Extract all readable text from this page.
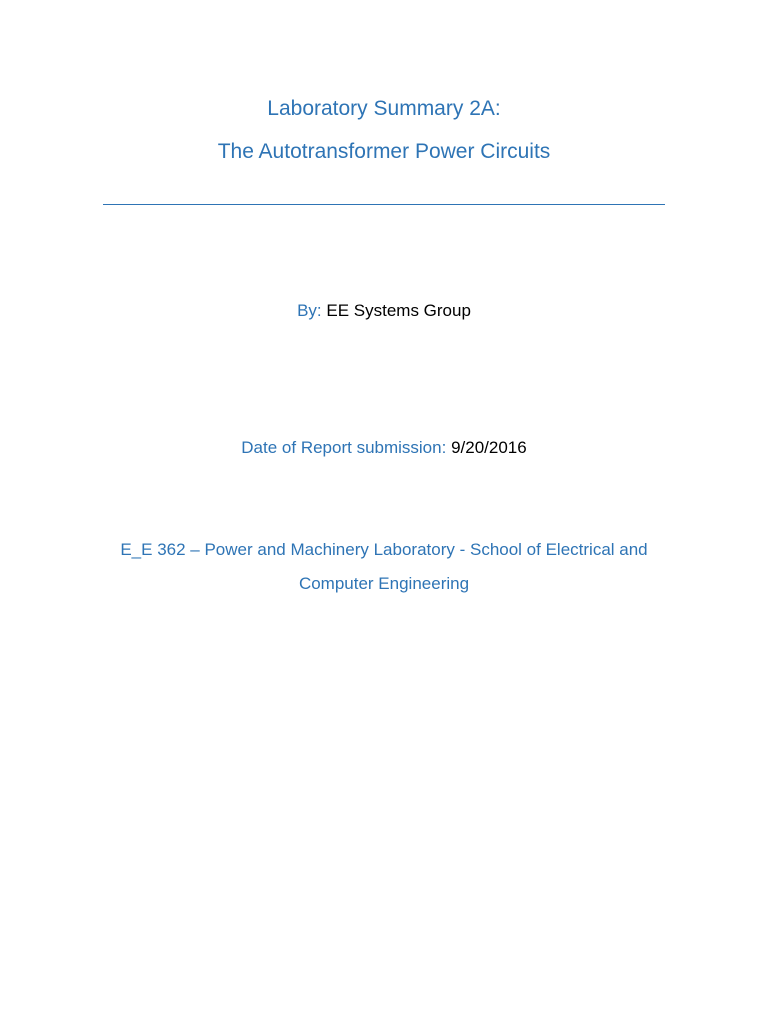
Laboratory Summary 2A:
The Autotransformer Power Circuits
By: EE Systems Group
Date of Report submission: 9/20/2016
E_E 362 – Power and Machinery Laboratory - School of Electrical and
Computer Engineering
